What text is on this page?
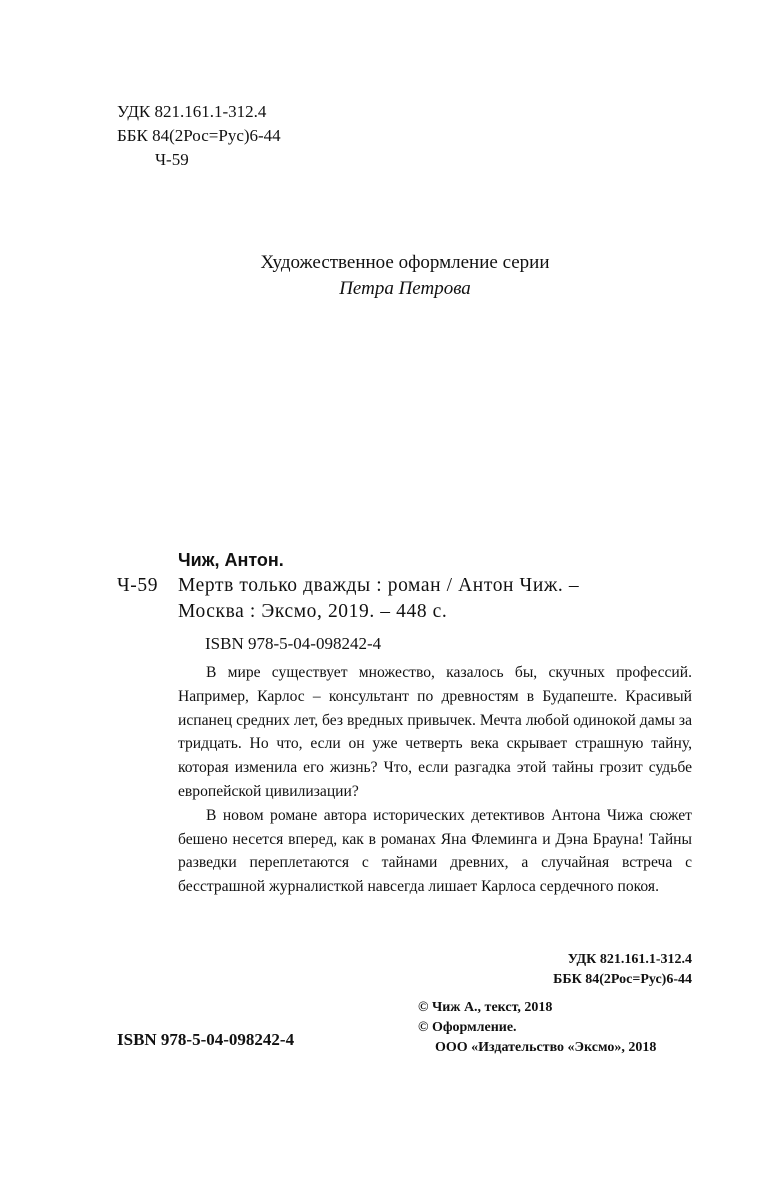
УДК 821.161.1-312.4
ББК 84(2Рос=Рус)6-44
Ч-59
Художественное оформление серии
Петра Петрова
Чиж, Антон.
Ч-59 Мертв только дважды : роман / Антон Чиж. –
Москва : Эксмо, 2019. – 448 с.
ISBN 978-5-04-098242-4

В мире существует множество, казалось бы, скучных профессий. Например, Карлос – консультант по древностям в Будапеште. Красивый испанец средних лет, без вредных привычек. Мечта любой одинокой дамы за тридцать. Но что, если он уже четверть века скрывает страшную тайну, которая изменила его жизнь? Что, если разгадка этой тайны грозит судьбе европейской цивилизации?

В новом романе автора исторических детективов Антона Чижа сюжет бешено несется вперед, как в романах Яна Флеминга и Дэна Брауна! Тайны разведки переплетаются с тайнами древних, а случайная встреча с бесстрашной журналисткой навсегда лишает Карлоса сердечного покоя.

УДК 821.161.1-312.4
ББК 84(2Рос=Рус)6-44
ISBN 978-5-04-098242-4
© Чиж А., текст, 2018
© Оформление.
ООО «Издательство «Эксмо», 2018
